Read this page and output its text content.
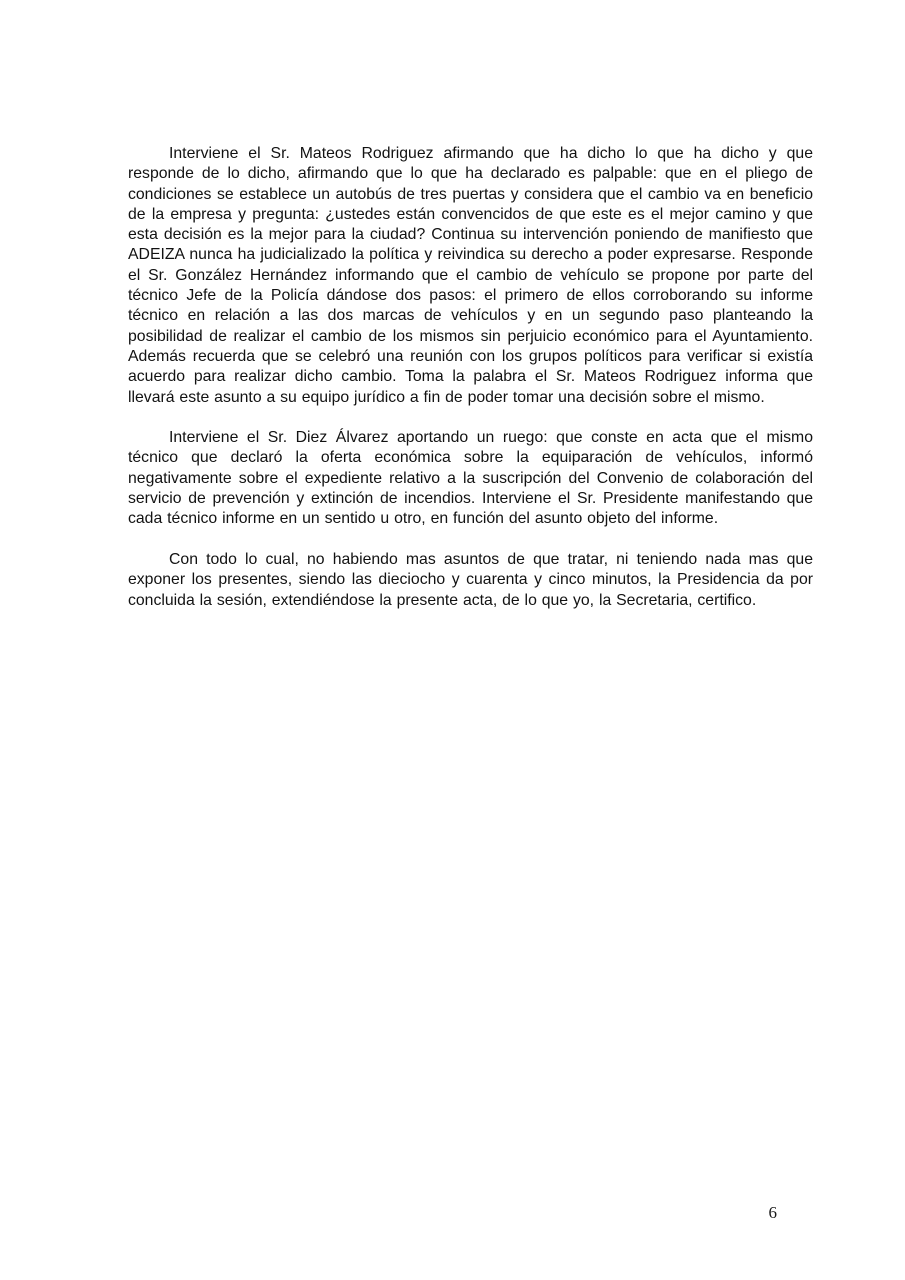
Interviene el Sr. Mateos Rodriguez afirmando que ha dicho lo que ha dicho y que responde de lo dicho, afirmando que lo que ha declarado es palpable: que en el pliego de condiciones se establece un autobús de tres puertas y considera que el cambio va en beneficio de la empresa y pregunta: ¿ustedes están convencidos de que este es el mejor camino y que esta decisión es la mejor para la ciudad? Continua su intervención poniendo de manifiesto que ADEIZA nunca ha judicializado la política y reivindica su derecho a poder expresarse. Responde el Sr. González Hernández informando que el cambio de vehículo se propone por parte del técnico Jefe de la Policía dándose dos pasos: el primero de ellos corroborando su informe técnico en relación a las dos marcas de vehículos y en un segundo paso planteando la posibilidad de realizar el cambio de los mismos sin perjuicio económico para el Ayuntamiento. Además recuerda que se celebró una reunión con los grupos políticos para verificar si existía acuerdo para realizar dicho cambio. Toma la palabra el Sr. Mateos Rodriguez informa que llevará este asunto a su equipo jurídico a fin de poder tomar una decisión sobre el mismo.

Interviene el Sr. Diez Álvarez aportando un ruego: que conste en acta que el mismo técnico que declaró la oferta económica sobre la equiparación de vehículos, informó negativamente sobre el expediente relativo a la suscripción del Convenio de colaboración del servicio de prevención y extinción de incendios. Interviene el Sr. Presidente manifestando que cada técnico informe en un sentido u otro, en función del asunto objeto del informe.

Con todo lo cual, no habiendo mas asuntos de que tratar, ni teniendo nada mas que exponer los presentes, siendo las dieciocho y cuarenta y cinco minutos, la Presidencia da por concluida la sesión, extendiéndose la presente acta, de lo que yo, la Secretaria, certifico.

6
